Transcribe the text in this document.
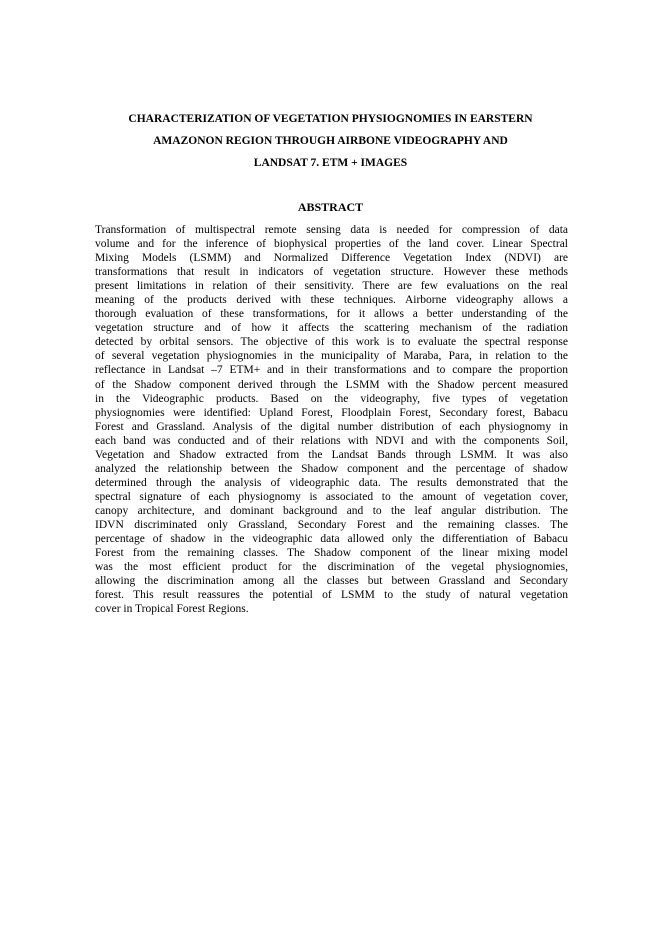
CHARACTERIZATION OF VEGETATION PHYSIOGNOMIES IN EARSTERN
AMAZONON REGION THROUGH AIRBONE VIDEOGRAPHY AND
LANDSAT 7. ETM + IMAGES
ABSTRACT
Transformation of multispectral remote sensing data is needed for compression of data
volume and for the inference of biophysical properties of the land cover. Linear Spectral
Mixing Models (LSMM) and Normalized Difference Vegetation Index (NDVI) are
transformations that result in indicators of vegetation structure. However these methods
present limitations in relation of their sensitivity. There are few evaluations on the real
meaning of the products derived with these techniques. Airborne videography allows a
thorough evaluation of these transformations, for it allows a better understanding of the
vegetation structure and of how it affects the scattering mechanism of the radiation
detected by orbital sensors. The objective of this work is to evaluate the spectral response
of several vegetation physiognomies in the municipality of Maraba, Para, in relation to the
reflectance in Landsat –7 ETM+ and in their transformations and to compare the proportion
of the Shadow component derived through the LSMM with the Shadow percent measured
in the Videographic products. Based on the videography, five types of vegetation
physiognomies were identified: Upland Forest, Floodplain Forest, Secondary forest, Babacu
Forest and Grassland. Analysis of the digital number distribution of each physiognomy in
each band was conducted and of their relations with NDVI and with the components Soil,
Vegetation and Shadow extracted from the Landsat Bands through LSMM. It was also
analyzed the relationship between the Shadow component and the percentage of shadow
determined through the analysis of videographic data. The results demonstrated that the
spectral signature of each physiognomy is associated to the amount of vegetation cover,
canopy architecture, and dominant background and to the leaf angular distribution. The
IDVN discriminated only Grassland, Secondary Forest and the remaining classes. The
percentage of shadow in the videographic data allowed only the differentiation of Babacu
Forest from the remaining classes. The Shadow component of the linear mixing model
was the most efficient product for the discrimination of the vegetal physiognomies,
allowing the discrimination among all the classes but between Grassland and Secondary
forest. This result reassures the potential of LSMM to the study of natural vegetation
cover in Tropical Forest Regions.
